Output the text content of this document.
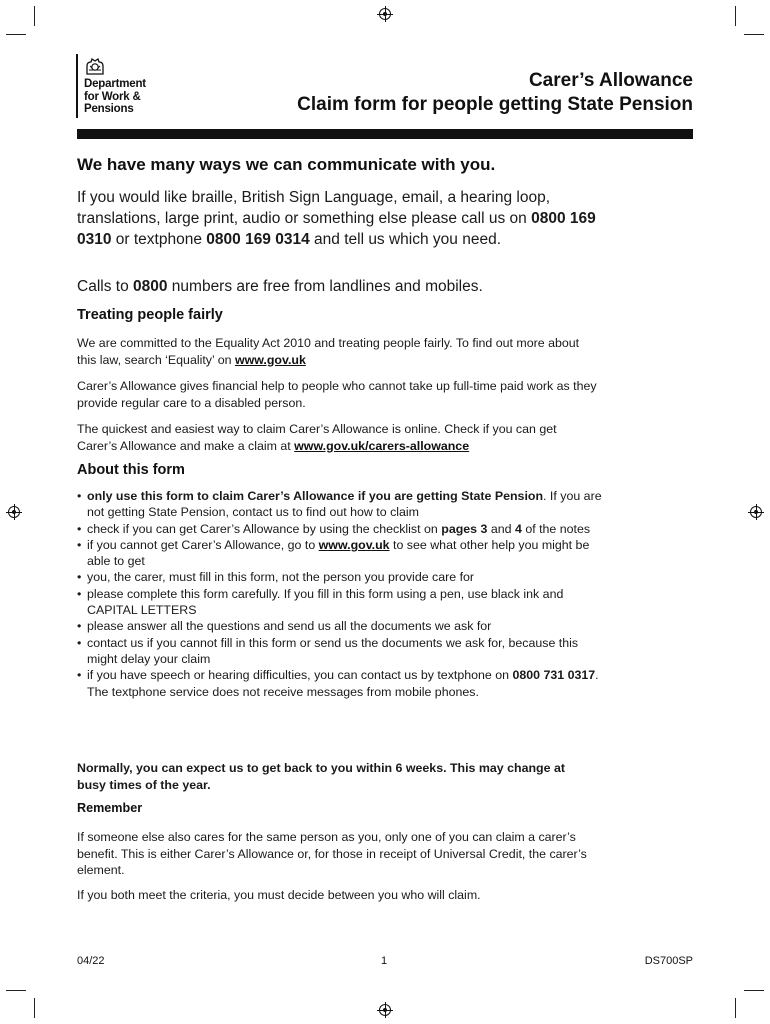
Department
for Work &
Pensions
Carer’s Allowance
Claim form for people getting State Pension
We have many ways we can communicate with you.
If you would like braille, British Sign Language, email, a hearing loop, translations, large print, audio or something else please call us on 0800 169 0310 or textphone 0800 169 0314 and tell us which you need.
Calls to 0800 numbers are free from landlines and mobiles.
Treating people fairly
We are committed to the Equality Act 2010 and treating people fairly. To find out more about this law, search ‘Equality’ on www.gov.uk
Carer’s Allowance gives financial help to people who cannot take up full-time paid work as they provide regular care to a disabled person.
The quickest and easiest way to claim Carer’s Allowance is online. Check if you can get Carer’s Allowance and make a claim at www.gov.uk/carers-allowance
About this form
• only use this form to claim Carer’s Allowance if you are getting State Pension. If you are not getting State Pension, contact us to find out how to claim
• check if you can get Carer’s Allowance by using the checklist on pages 3 and 4 of the notes
• if you cannot get Carer’s Allowance, go to www.gov.uk to see what other help you might be able to get
• you, the carer, must fill in this form, not the person you provide care for
• please complete this form carefully. If you fill in this form using a pen, use black ink and CAPITAL LETTERS
• please answer all the questions and send us all the documents we ask for
• contact us if you cannot fill in this form or send us the documents we ask for, because this might delay your claim
• if you have speech or hearing difficulties, you can contact us by textphone on 0800 731 0317. The textphone service does not receive messages from mobile phones.
Normally, you can expect us to get back to you within 6 weeks. This may change at busy times of the year.
Remember
If someone else also cares for the same person as you, only one of you can claim a carer’s benefit. This is either Carer’s Allowance or, for those in receipt of Universal Credit, the carer’s element.
If you both meet the criteria, you must decide between you who will claim.
04/22	1	DS700SP
